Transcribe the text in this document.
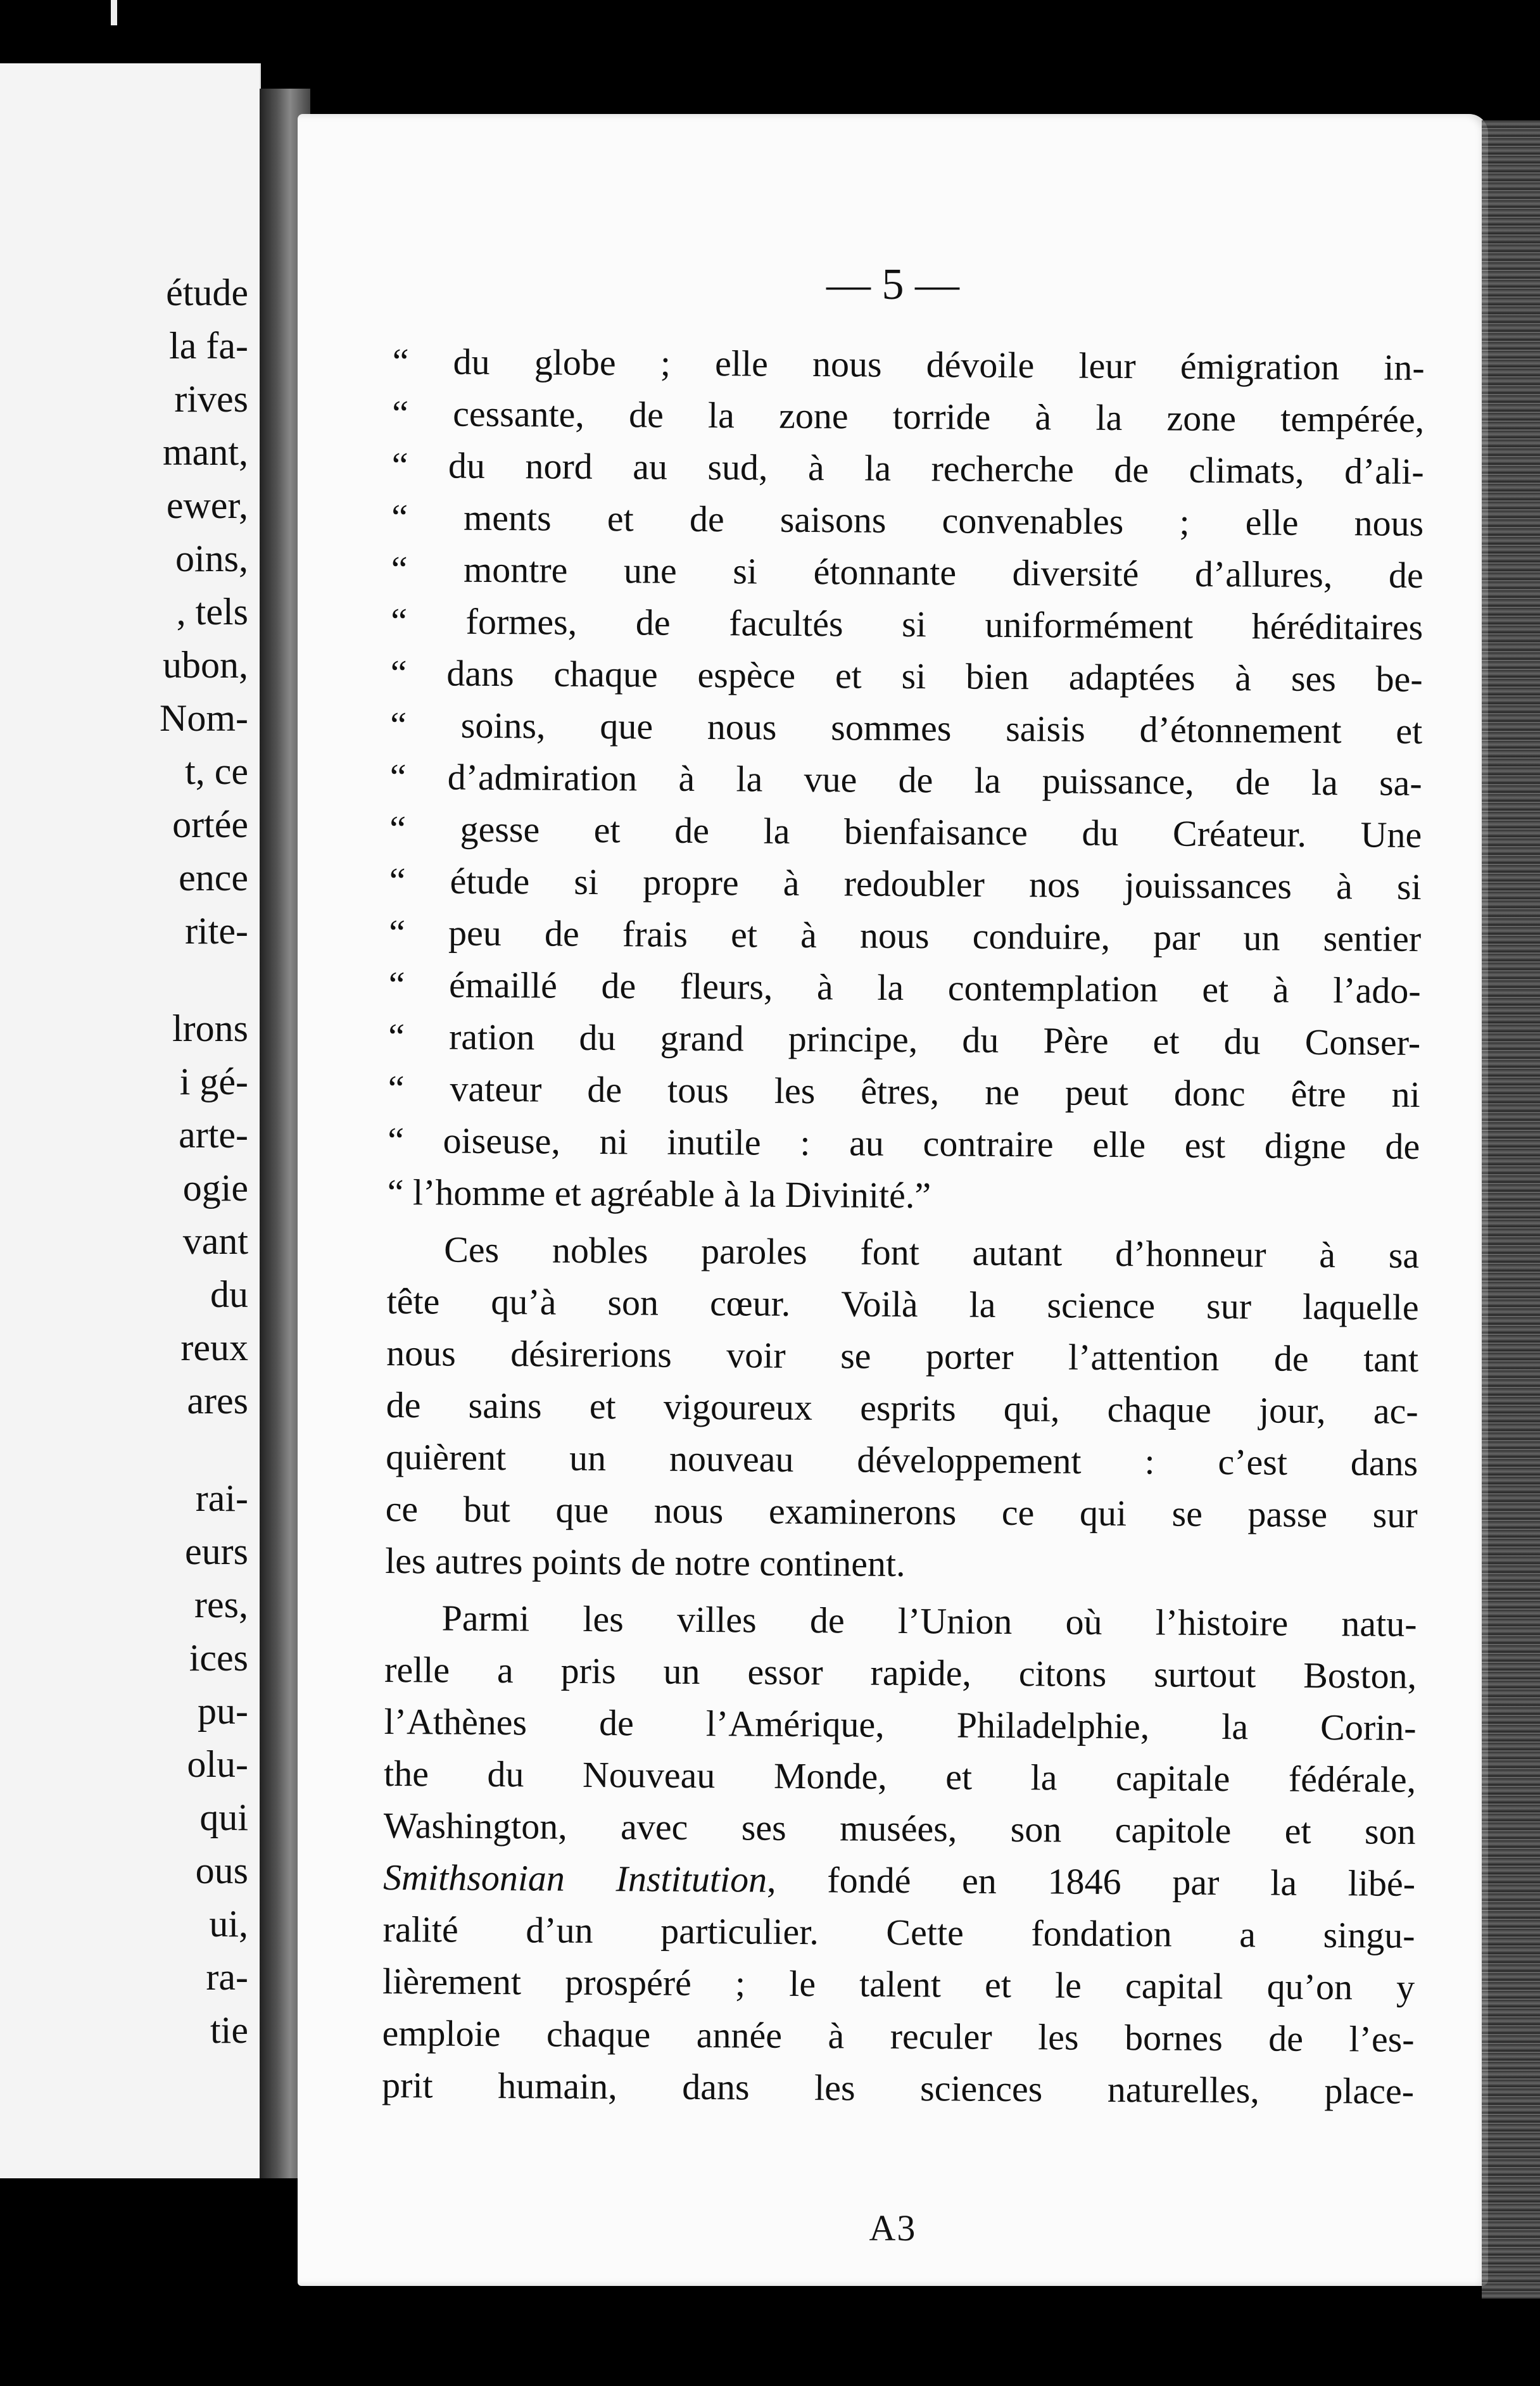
étude
la fa-
rives
mant,
ewer,
oins,
, tels
ubon,
Nom-
t, ce
ortée
ence
rite-
lrons
i gé-
arte-
ogie
vant
du
reux
ares
rai-
eurs
res,
ices
pu-
olu-
qui
ous
ui,
ra-
tie
— 5 —
“ du globe ; elle nous dévoile leur émigration in-
“ cessante, de la zone torride à la zone tempérée,
“ du nord au sud, à la recherche de climats, d’ali-
“ ments et de saisons convenables ; elle nous
“ montre une si étonnante diversité d’allures, de
“ formes, de facultés si uniformément héréditaires
“ dans chaque espèce et si bien adaptées à ses be-
“ soins, que nous sommes saisis d’étonnement et
“ d’admiration à la vue de la puissance, de la sa-
“ gesse et de la bienfaisance du Créateur. Une
“ étude si propre à redoubler nos jouissances à si
“ peu de frais et à nous conduire, par un sentier
“ émaillé de fleurs, à la contemplation et à l’ado-
“ ration du grand principe, du Père et du Conser-
“ vateur de tous les êtres, ne peut donc être ni
“ oiseuse, ni inutile : au contraire elle est digne de
“ l’homme et agréable à la Divinité.”
Ces nobles paroles font autant d’honneur à sa
tête qu’à son cœur. Voilà la science sur laquelle
nous désirerions voir se porter l’attention de tant
de sains et vigoureux esprits qui, chaque jour, ac-
quièrent un nouveau développement : c’est dans
ce but que nous examinerons ce qui se passe sur
les autres points de notre continent.
Parmi les villes de l’Union où l’histoire natu-
relle a pris un essor rapide, citons surtout Boston,
l’Athènes de l’Amérique, Philadelphie, la Corin-
the du Nouveau Monde, et la capitale fédérale,
Washington, avec ses musées, son capitole et son
Smithsonian Institution, fondé en 1846 par la libé-
ralité d’un particulier. Cette fondation a singu-
lièrement prospéré ; le talent et le capital qu’on y
emploie chaque année à reculer les bornes de l’es-
prit humain, dans les sciences naturelles, place-
A3
